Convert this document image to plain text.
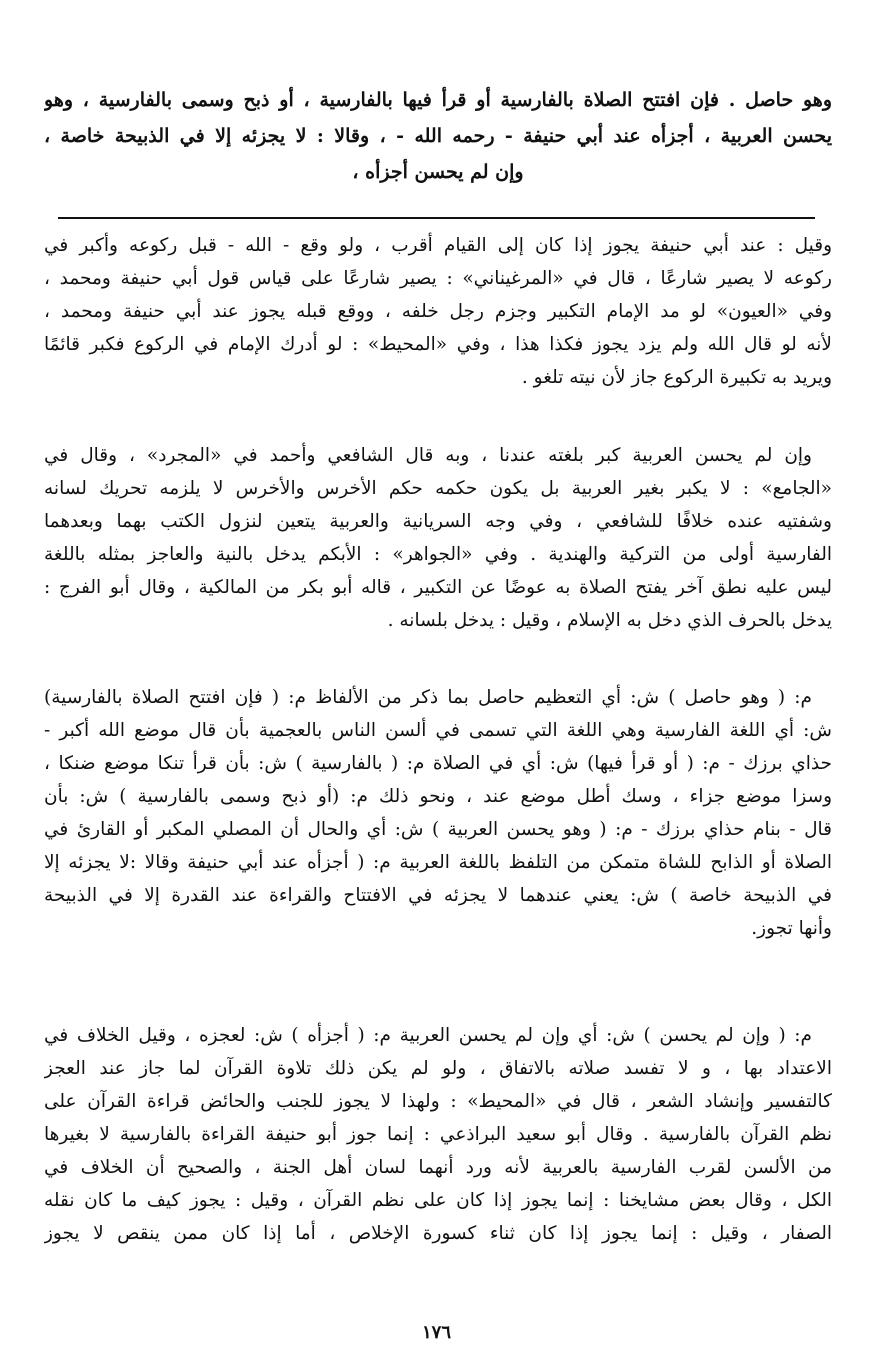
وهو حاصل . فإن افتتح الصلاة بالفارسية أو قرأ فيها بالفارسية ، أو ذبح وسمى بالفارسية ، وهو
يحسن العربية ، أجزأه عند أبي حنيفة - رحمه الله - ، وقالا : لا يجزئه إلا في الذبيحة خاصة ،
وإن لم يحسن أجزأه ،
وقيل : عند أبي حنيفة يجوز إذا كان إلى القيام أقرب ، ولو وقع - الله - قبل ركوعه وأكبر في
ركوعه لا يصير شارعًا ، قال في «المرغيناني» : يصير شارعًا على قياس قول أبي حنيفة ومحمد ،
وفي «العيون» لو مد الإمام التكبير وجزم رجل خلفه ، ووقع قبله يجوز عند أبي حنيفة ومحمد ،
لأنه لو قال الله ولم يزد يجوز فكذا هذا ، وفي «المحيط» : لو أدرك الإمام في الركوع فكبر قائمًا
ويريد به تكبيرة الركوع جاز لأن نيته تلغو .
وإن لم يحسن العربية كبر بلغته عندنا ، وبه قال الشافعي وأحمد في «المجرد» ، وقال في
«الجامع» : لا يكبر بغير العربية بل يكون حكمه حكم الأخرس والأخرس لا يلزمه تحريك لسانه
وشفتيه عنده خلافًا للشافعي ، وفي وجه السريانية والعربية يتعين لنزول الكتب بهما وبعدهما
الفارسية أولى من التركية والهندية . وفي «الجواهر» : الأبكم يدخل بالنية والعاجز بمثله باللغة
ليس عليه نطق آخر يفتح الصلاة به عوضًا عن التكبير ، قاله أبو بكر من المالكية ، وقال أبو الفرج :
يدخل بالحرف الذي دخل به الإسلام ، وقيل : يدخل بلسانه .
م: ( وهو حاصل ) ش: أي التعظيم حاصل بما ذكر من الألفاظ م: ( فإن افتتح الصلاة بالفارسية)
ش: أي اللغة الفارسية وهي اللغة التي تسمى في ألسن الناس بالعجمية بأن قال موضع الله أكبر -
حذاي برزك - م: ( أو قرأ فيها) ش: أي في الصلاة م: ( بالفارسية ) ش: بأن قرأ تنكا موضع ضنكا ،
وسزا موضع جزاء ، وسك أطل موضع عند ، ونحو ذلك م: (أو ذبح وسمى بالفارسية ) ش: بأن
قال - بنام حذاي برزك - م: ( وهو يحسن العربية ) ش: أي والحال أن المصلي المكبر أو القارئ في
الصلاة أو الذابح للشاة متمكن من التلفظ باللغة العربية م: ( أجزأه عند أبي حنيفة وقالا :لا يجزئه إلا
في الذبيحة خاصة ) ش: يعني عندهما لا يجزئه في الافتتاح والقراءة عند القدرة إلا في الذبيحة
وأنها تجوز.
م: ( وإن لم يحسن ) ش: أي وإن لم يحسن العربية م: ( أجزأه ) ش: لعجزه ، وقيل الخلاف في
الاعتداد بها ، و لا تفسد صلاته بالاتفاق ، ولو لم يكن ذلك تلاوة القرآن لما جاز عند العجز
كالتفسير وإنشاد الشعر ، قال في «المحيط» : ولهذا لا يجوز للجنب والحائض قراءة القرآن على
نظم القرآن بالفارسية . وقال أبو سعيد البراذعي : إنما جوز أبو حنيفة القراءة بالفارسية لا بغيرها
من الألسن لقرب الفارسية بالعربية لأنه ورد أنهما لسان أهل الجنة ، والصحيح أن الخلاف في
الكل ، وقال بعض مشايخنا : إنما يجوز إذا كان على نظم القرآن ، وقيل : يجوز كيف ما كان نقله
الصفار ، وقيل : إنما يجوز إذا كان ثناء كسورة الإخلاص ، أما إذا كان ممن ينقص لا يجوز
١٧٦
